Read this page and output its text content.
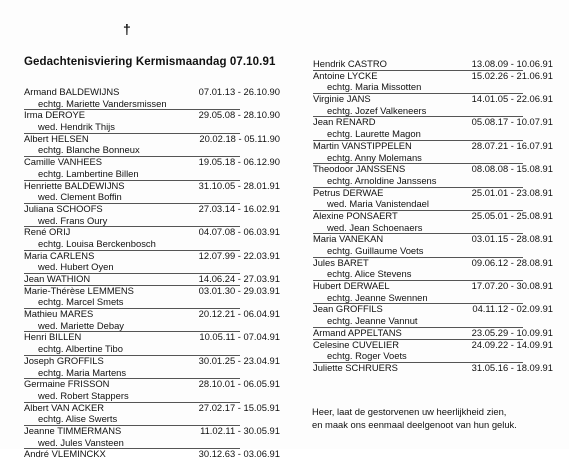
†
Gedachtenisviering Kermismaandag 07.10.91
Armand BALDEWIJNS	07.01.13 - 26.10.90
echtg. Mariette Vandersmissen
Irma DEROYE	29.05.08 - 28.10.90
wed. Hendrik Thijs
Albert HELSEN	20.02.18 - 05.11.90
echtg. Blanche Bonneux
Camille VANHEES	19.05.18 - 06.12.90
echtg. Lambertine Billen
Henriette BALDEWIJNS	31.10.05 - 28.01.91
wed. Clement Boffin
Juliana SCHOOFS	27.03.14 - 16.02.91
wed. Frans Oury
René ORIJ	04.07.08 - 06.03.91
echtg. Louisa Berckenbosch
Maria CARLENS	12.07.99 - 22.03.91
wed. Hubert Oyen
Jean WATHION	14.06.24 - 27.03.91
Marie-Thérèse LEMMENS	03.01.30 - 29.03.91
echtg. Marcel Smets
Mathieu MARES	20.12.21 - 06.04.91
wed. Mariette Debay
Henri BILLEN	10.05.11 - 07.04.91
echtg. Albertine Tibo
Joseph GROFFILS	30.01.25 - 23.04.91
echtg. Maria Martens
Germaine FRISSON	28.10.01 - 06.05.91
wed. Robert Stappers
Albert VAN ACKER	27.02.17 - 15.05.91
echtg. Alise Swerts
Jeanne TIMMERMANS	11.02.11 - 30.05.91
wed. Jules Vansteen
André VLEMINCKX	30.12.63 - 03.06.91
Hendrik CASTRO	13.08.09 - 10.06.91
Antoine LYCKE	15.02.26 - 21.06.91
echtg. Maria Missotten
Virginie JANS	14.01.05 - 22.06.91
echtg. Jozef Valkeneers
Jean RENARD	05.08.17 - 10.07.91
echtg. Laurette Magon
Martin VANSTIPPELEN	28.07.21 - 16.07.91
echtg. Anny Molemans
Theodoor JANSSENS	08.08.08 - 15.08.91
echtg. Arnoldine Janssens
Petrus DERWAE	25.01.01 - 23.08.91
wed. Maria Vanistendael
Alexine PONSAERT	25.05.01 - 25.08.91
wed. Jean Schoenaers
Maria VANEKAN	03.01.15 - 28.08.91
echtg. Guillaume Voets
Jules BARET	09.06.12 - 28.08.91
echtg. Alice Stevens
Hubert DERWAEL	17.07.20 - 30.08.91
echtg. Jeanne Swennen
Jean GROFFILS	04.11.12 - 02.09.91
echtg. Jeanne Vannut
Armand APPELTANS	23.05.29 - 10.09.91
Celesine CUVELIER	24.09.22 - 14.09.91
echtg. Roger Voets
Juliette SCHRUERS	31.05.16 - 18.09.91
Heer, laat de gestorvenen uw heerlijkheid zien,
en maak ons eenmaal deelgenoot van hun geluk.
